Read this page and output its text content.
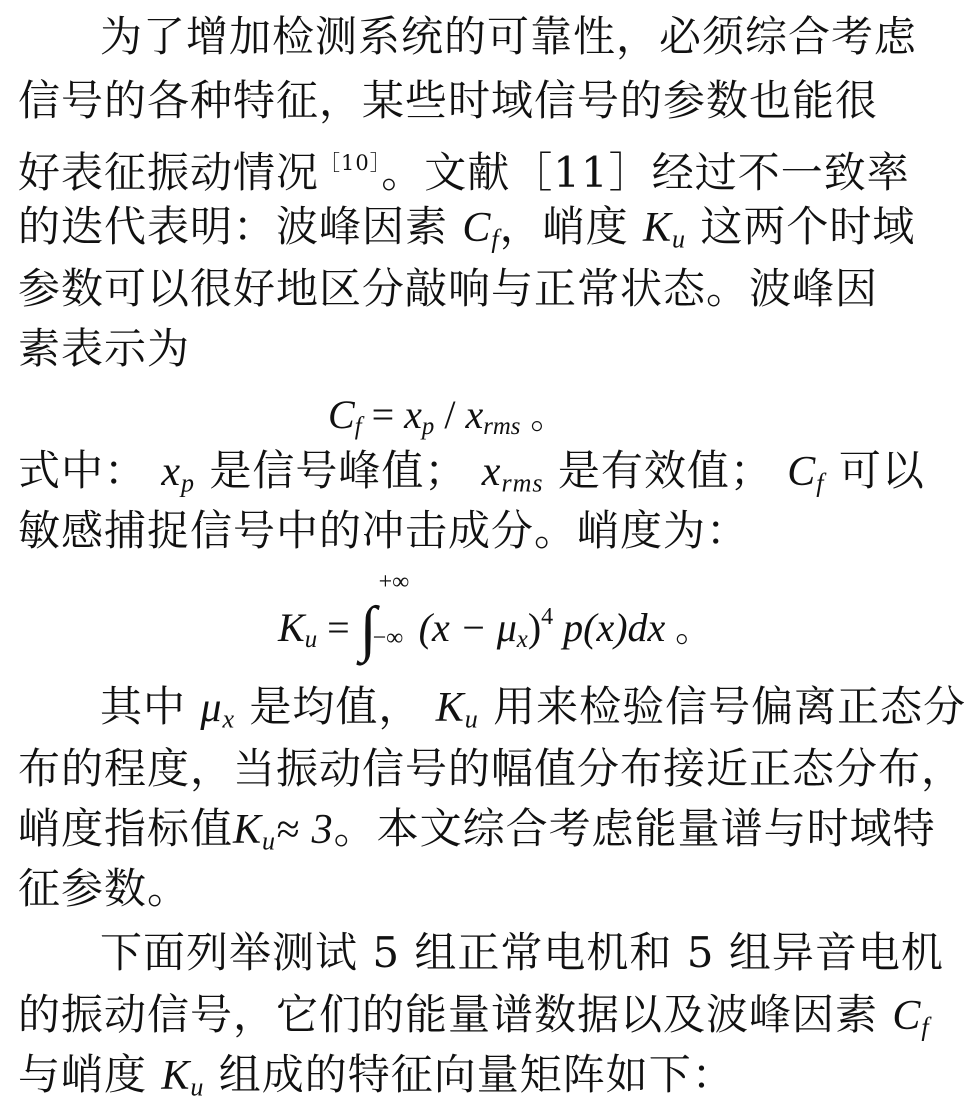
为了增加检测系统的可靠性，必须综合考虑
信号的各种特征，某些时域信号的参数也能很
好表征振动情况$^{[10]}$。文献［11］经过不一致率
的迭代表明：波峰因素 $C_f$，峭度 $K_u$ 这两个时域
参数可以很好地区分敲响与正常状态。波峰因
素表示为
$C_f = x_p / x_{rms}$ 。
式中： $x_p$ 是信号峰值； $x_{rms}$ 是有效值； $C_f$ 可以
敏感捕捉信号中的冲击成分。峭度为：
$K_u$ = ∫
+∞
−∞ $(x - \mu_x)^4$ p(x)dx 。
其中 $\mu_x$ 是均值， $K_u$ 用来检验信号偏离正态分
布的程度，当振动信号的幅值分布接近正态分布，
峭度指标值$K_u\approx 3$。本文综合考虑能量谱与时域特
征参数。
下面列举测试 5 组正常电机和 5 组异音电机
的振动信号，它们的能量谱数据以及波峰因素 $C_f$
与峭度 $K_u$ 组成的特征向量矩阵如下：
